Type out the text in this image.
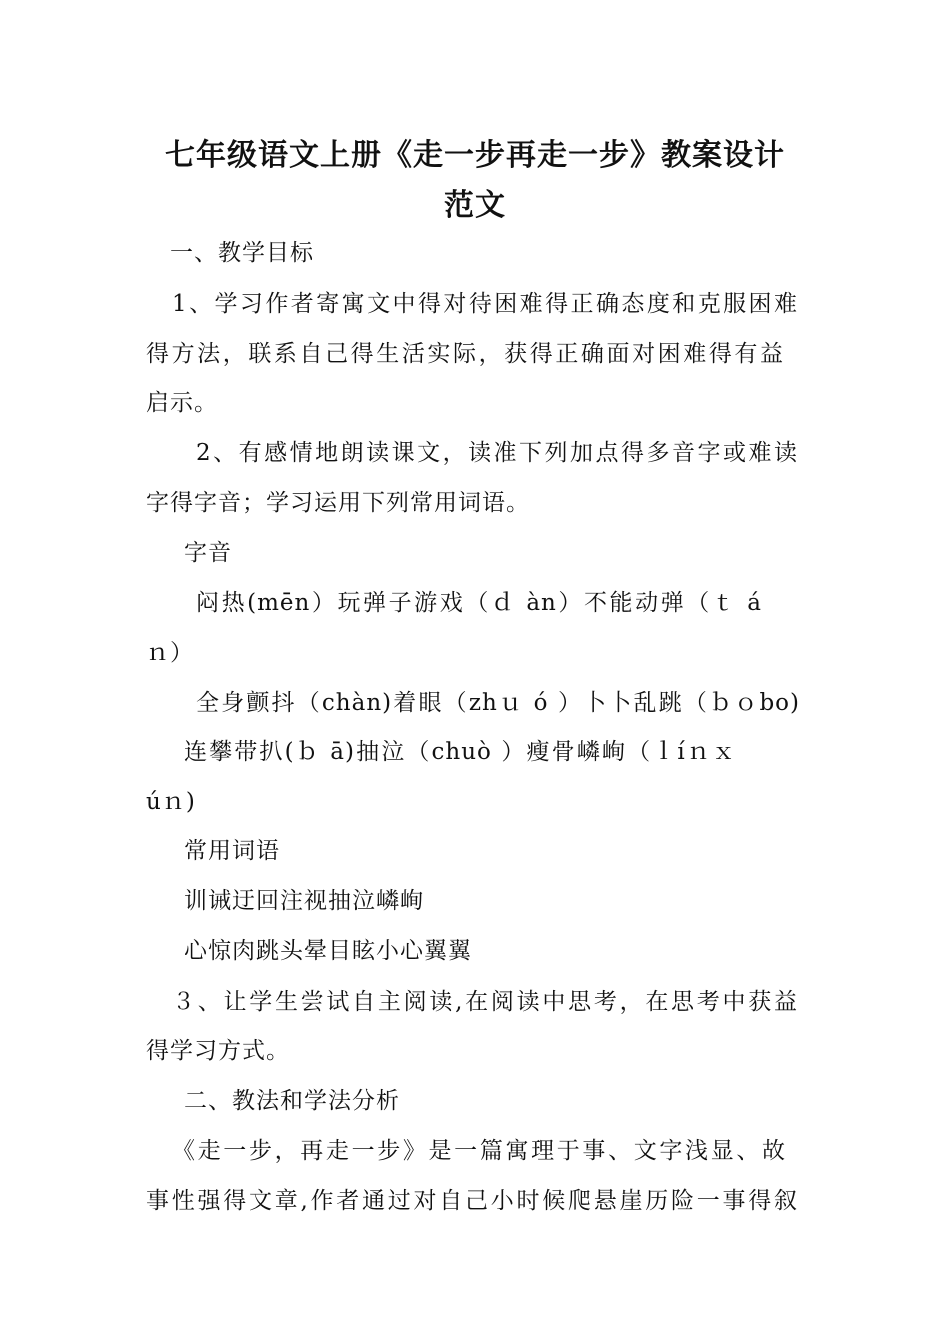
七年级语文上册《走一步再走一步》教案设计
范文
一、教学目标
1、学习作者寄寓文中得对待困难得正确态度和克服困难
得方法，联系自己得生活实际，获得正确面对困难得有益
启示。
2、有感情地朗读课文，读准下列加点得多音字或难读
字得字音；学习运用下列常用词语。
字音
闷热(mēn）玩弹子游戏（ｄ àn）不能动弹（ｔ á
ｎ）
全身颤抖（chàn)着眼（zhｕ ó ）卜卜乱跳（ｂｏbo)
连攀带扒(ｂ ā)抽泣（chuò ）瘦骨嶙峋（ｌíｎｘ
úｎ)
常用词语
训诫迂回注视抽泣嶙峋
心惊肉跳头晕目眩小心翼翼
３、让学生尝试自主阅读,在阅读中思考，在思考中获益
得学习方式。
二、教法和学法分析
《走一步，再走一步》是一篇寓理于事、文字浅显、故
事性强得文章,作者通过对自己小时候爬悬崖历险一事得叙
